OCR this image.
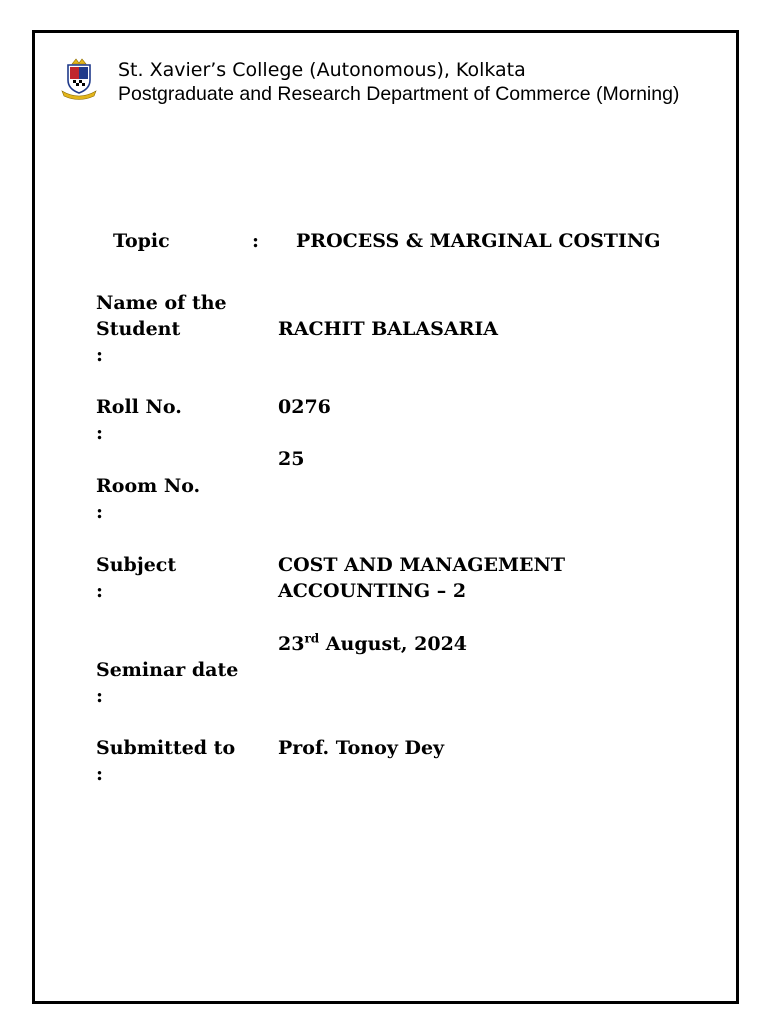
St. Xavier’s College (Autonomous), Kolkata
Postgraduate and Research Department of Commerce (Morning)
Topic	: PROCESS & MARGINAL COSTING
Name of the
Student
:
RACHIT BALASARIA
Roll No.
:
0276
25
Room No.
:
Subject
:
COST AND MANAGEMENT
ACCOUNTING – 2
23rd August, 2024
Seminar date
:
Submitted to
:
Prof. Tonoy Dey
